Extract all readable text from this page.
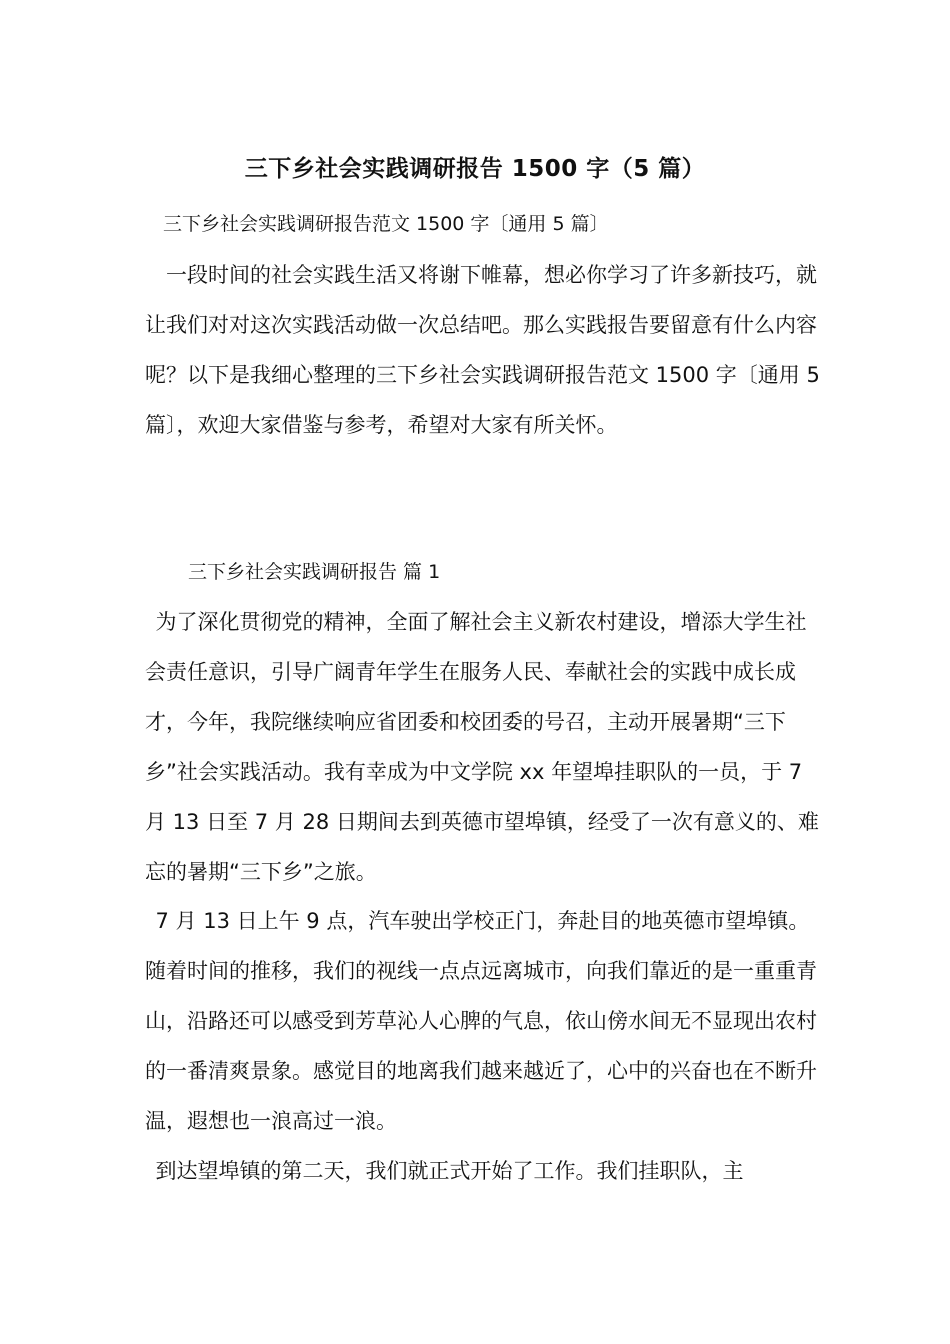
三下乡社会实践调研报告 1500 字（5 篇）
三下乡社会实践调研报告范文 1500 字〔通用 5 篇〕

　一段时间的社会实践生活又将谢下帷幕，想必你学习了许多新技巧，就让我们对对这次实践活动做一次总结吧。那么实践报告要留意有什么内容呢？以下是我细心整理的三下乡社会实践调研报告范文 1500 字〔通用 5 篇〕，欢迎大家借鉴与参考，希望对大家有所关怀。

三下乡社会实践调研报告 篇 1

 为了深化贯彻党的精神，全面了解社会主义新农村建设，增添大学生社会责任意识，引导广阔青年学生在服务人民、奉献社会的实践中成长成才，今年，我院继续响应省团委和校团委的号召，主动开展暑期“三下乡”社会实践活动。我有幸成为中文学院 xx 年望埠挂职队的一员，于 7 月 13 日至 7 月 28 日期间去到英德市望埠镇，经受了一次有意义的、难忘的暑期“三下乡”之旅。

 7 月 13 日上午 9 点，汽车驶出学校正门，奔赴目的地英德市望埠镇。随着时间的推移，我们的视线一点点远离城市，向我们靠近的是一重重青山，沿路还可以感受到芳草沁人心脾的气息，依山傍水间无不显现出农村的一番清爽景象。感觉目的地离我们越来越近了，心中的兴奋也在不断升温，遐想也一浪高过一浪。

 到达望埠镇的第二天，我们就正式开始了工作。我们挂职队，主
